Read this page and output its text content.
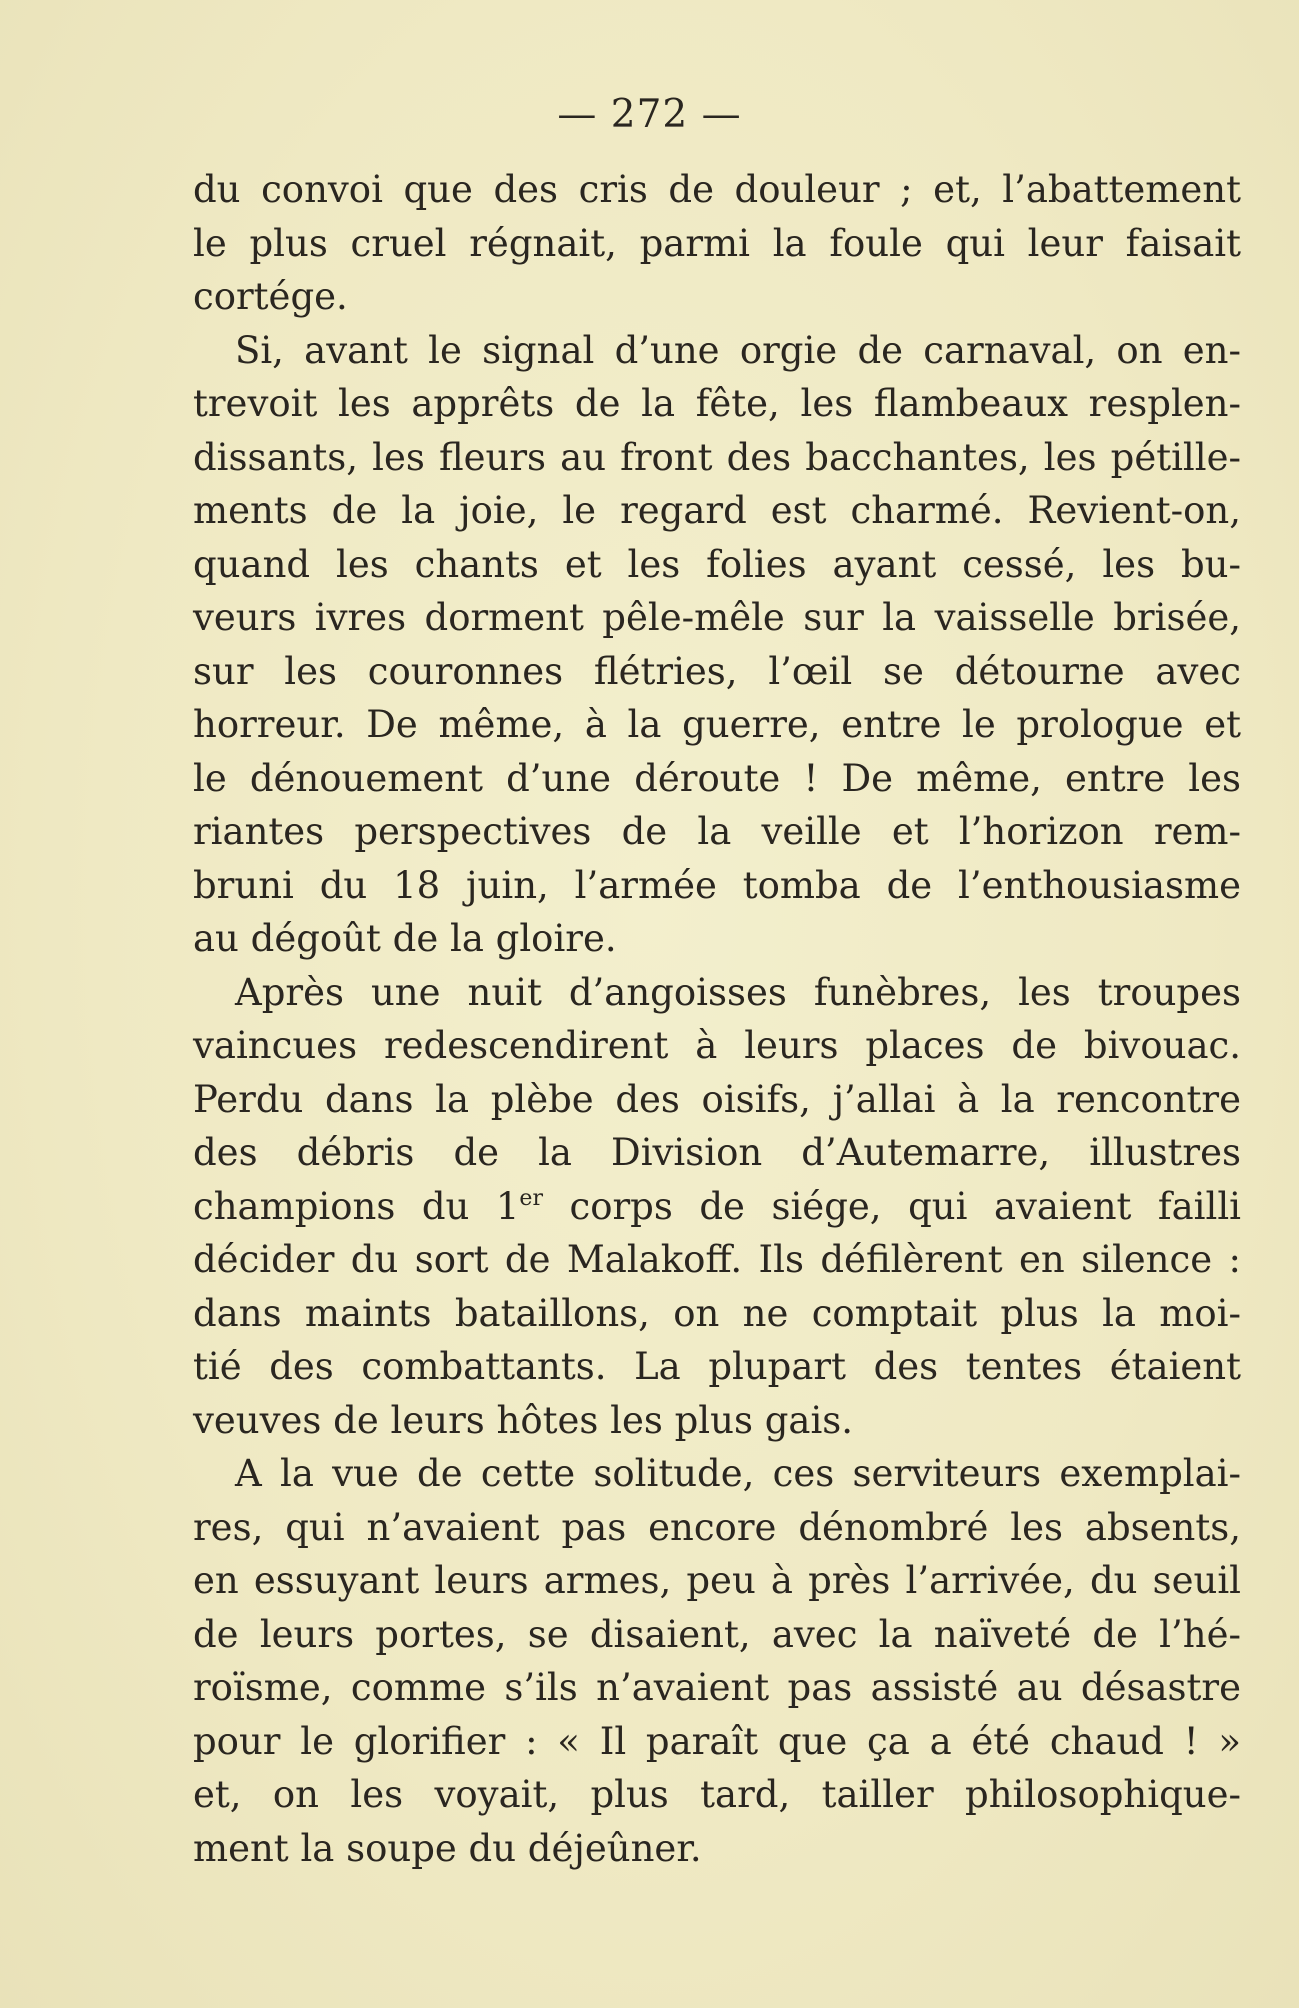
— 272 —
du convoi que des cris de douleur ; et, l’abattement
le plus cruel régnait, parmi la foule qui leur faisait
cortége.
Si, avant le signal d’une orgie de carnaval, on en-
trevoit les apprêts de la fête, les flambeaux resplen-
dissants, les fleurs au front des bacchantes, les pétille-
ments de la joie, le regard est charmé. Revient-on,
quand les chants et les folies ayant cessé, les bu-
veurs ivres dorment pêle-mêle sur la vaisselle brisée,
sur les couronnes flétries, l’œil se détourne avec
horreur. De même, à la guerre, entre le prologue et
le dénouement d’une déroute ! De même, entre les
riantes perspectives de la veille et l’horizon rem-
bruni du 18 juin, l’armée tomba de l’enthousiasme
au dégoût de la gloire.
Après une nuit d’angoisses funèbres, les troupes
vaincues redescendirent à leurs places de bivouac.
Perdu dans la plèbe des oisifs, j’allai à la rencontre
des débris de la Division d’Autemarre, illustres
champions du 1er corps de siége, qui avaient failli
décider du sort de Malakoff. Ils défilèrent en silence :
dans maints bataillons, on ne comptait plus la moi-
tié des combattants. La plupart des tentes étaient
veuves de leurs hôtes les plus gais.
A la vue de cette solitude, ces serviteurs exemplai-
res, qui n’avaient pas encore dénombré les absents,
en essuyant leurs armes, peu à près l’arrivée, du seuil
de leurs portes, se disaient, avec la naïveté de l’hé-
roïsme, comme s’ils n’avaient pas assisté au désastre
pour le glorifier : « Il paraît que ça a été chaud ! »
et, on les voyait, plus tard, tailler philosophique-
ment la soupe du déjeûner.
